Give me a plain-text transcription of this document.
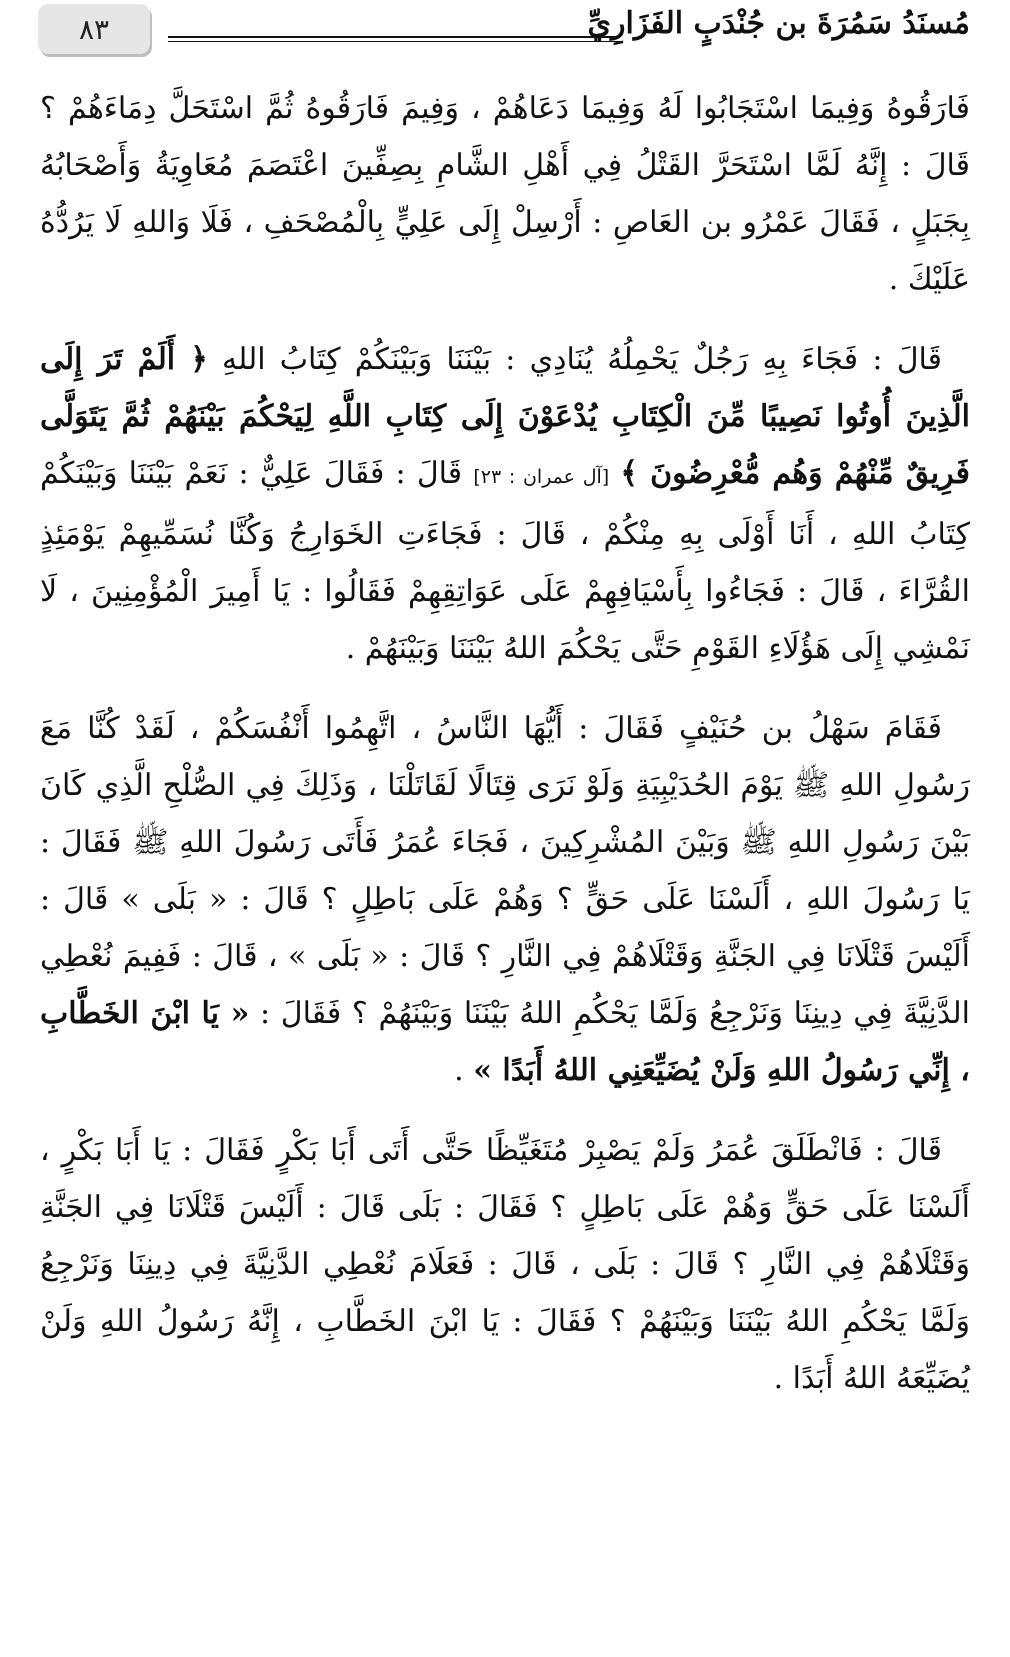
٨٣	مُسنَدُ سَمُرَةَ بن جُنْدَبٍ الفَزَارِيِّ

فَارَقُوهُ وَفِيمَا اسْتَجَابُوا لَهُ وَفِيمَا دَعَاهُمْ ، وَفِيمَ فَارَقُوهُ ثُمَّ اسْتَحَلَّ دِمَاءَهُمْ ؟ قَالَ : إِنَّهُ لَمَّا اسْتَحَرَّ القَتْلُ فِي أَهْلِ الشَّامِ بِصِفِّينَ اعْتَصَمَ مُعَاوِيَةُ وَأَصْحَابُهُ بِجَبَلٍ ، فَقَالَ عَمْرُو بن العَاصِ : أَرْسِلْ إِلَى عَلِيٍّ بِالْمُصْحَفِ ، فَلَا وَاللهِ لَا يَرُدُّهُ عَلَيْكَ .

قَالَ : فَجَاءَ بِهِ رَجُلٌ يَحْمِلُهُ يُنَادِي : بَيْنَنَا وَبَيْنَكُمْ كِتَابُ اللهِ ﴿ أَلَمْ تَرَ إِلَى الَّذِينَ أُوتُوا نَصِيبًا مِّنَ الْكِتَابِ يُدْعَوْنَ إِلَى كِتَابِ اللَّهِ لِيَحْكُمَ بَيْنَهُمْ ثُمَّ يَتَوَلَّى فَرِيقٌ مِّنْهُمْ وَهُم مُّعْرِضُونَ ﴾ [آل عمران : ٢٣] قَالَ : فَقَالَ عَلِيٌّ : نَعَمْ بَيْنَنَا وَبَيْنَكُمْ كِتَابُ اللهِ ، أَنَا أَوْلَى بِهِ مِنْكُمْ ، قَالَ : فَجَاءَتِ الخَوَارِجُ وَكُنَّا نُسَمِّيهِمْ يَوْمَئِذٍ القُرَّاءَ ، قَالَ : فَجَاءُوا بِأَسْيَافِهِمْ عَلَى عَوَاتِقِهِمْ فَقَالُوا : يَا أَمِيرَ الْمُؤْمِنِينَ ، لَا نَمْشِي إِلَى هَؤُلَاءِ القَوْمِ حَتَّى يَحْكُمَ اللهُ بَيْنَنَا وَبَيْنَهُمْ .

فَقَامَ سَهْلُ بن حُنَيْفٍ فَقَالَ : أَيُّهَا النَّاسُ ، اتَّهِمُوا أَنْفُسَكُمْ ، لَقَدْ كُنَّا مَعَ رَسُولِ اللهِ ﷺ يَوْمَ الحُدَيْبِيَةِ وَلَوْ نَرَى قِتَالًا لَقَاتَلْنَا ، وَذَلِكَ فِي الصُّلْحِ الَّذِي كَانَ بَيْنَ رَسُولِ اللهِ ﷺ وَبَيْنَ المُشْرِكِينَ ، فَجَاءَ عُمَرُ فَأَتَى رَسُولَ اللهِ ﷺ فَقَالَ : يَا رَسُولَ اللهِ ، أَلَسْنَا عَلَى حَقٍّ ؟ وَهُمْ عَلَى بَاطِلٍ ؟ قَالَ : « بَلَى » قَالَ : أَلَيْسَ قَتْلَانَا فِي الجَنَّةِ وَقَتْلَاهُمْ فِي النَّارِ ؟ قَالَ : « بَلَى » ، قَالَ : فَفِيمَ نُعْطِي الدَّنِيَّةَ فِي دِينِنَا وَنَرْجِعُ وَلَمَّا يَحْكُمِ اللهُ بَيْنَنَا وَبَيْنَهُمْ ؟ فَقَالَ : « يَا ابْنَ الخَطَّابِ ، إِنِّي رَسُولُ اللهِ وَلَنْ يُضَيِّعَنِي اللهُ أَبَدًا » .

قَالَ : فَانْطَلَقَ عُمَرُ وَلَمْ يَصْبِرْ مُتَغَيِّظًا حَتَّى أَتَى أَبَا بَكْرٍ فَقَالَ : يَا أَبَا بَكْرٍ ، أَلَسْنَا عَلَى حَقٍّ وَهُمْ عَلَى بَاطِلٍ ؟ فَقَالَ : بَلَى قَالَ : أَلَيْسَ قَتْلَانَا فِي الجَنَّةِ وَقَتْلَاهُمْ فِي النَّارِ ؟ قَالَ : بَلَى ، قَالَ : فَعَلَامَ نُعْطِي الدَّنِيَّةَ فِي دِينِنَا وَنَرْجِعُ وَلَمَّا يَحْكُمِ اللهُ بَيْنَنَا وَبَيْنَهُمْ ؟ فَقَالَ : يَا ابْنَ الخَطَّابِ ، إِنَّهُ رَسُولُ اللهِ وَلَنْ يُضَيِّعَهُ اللهُ أَبَدًا .
